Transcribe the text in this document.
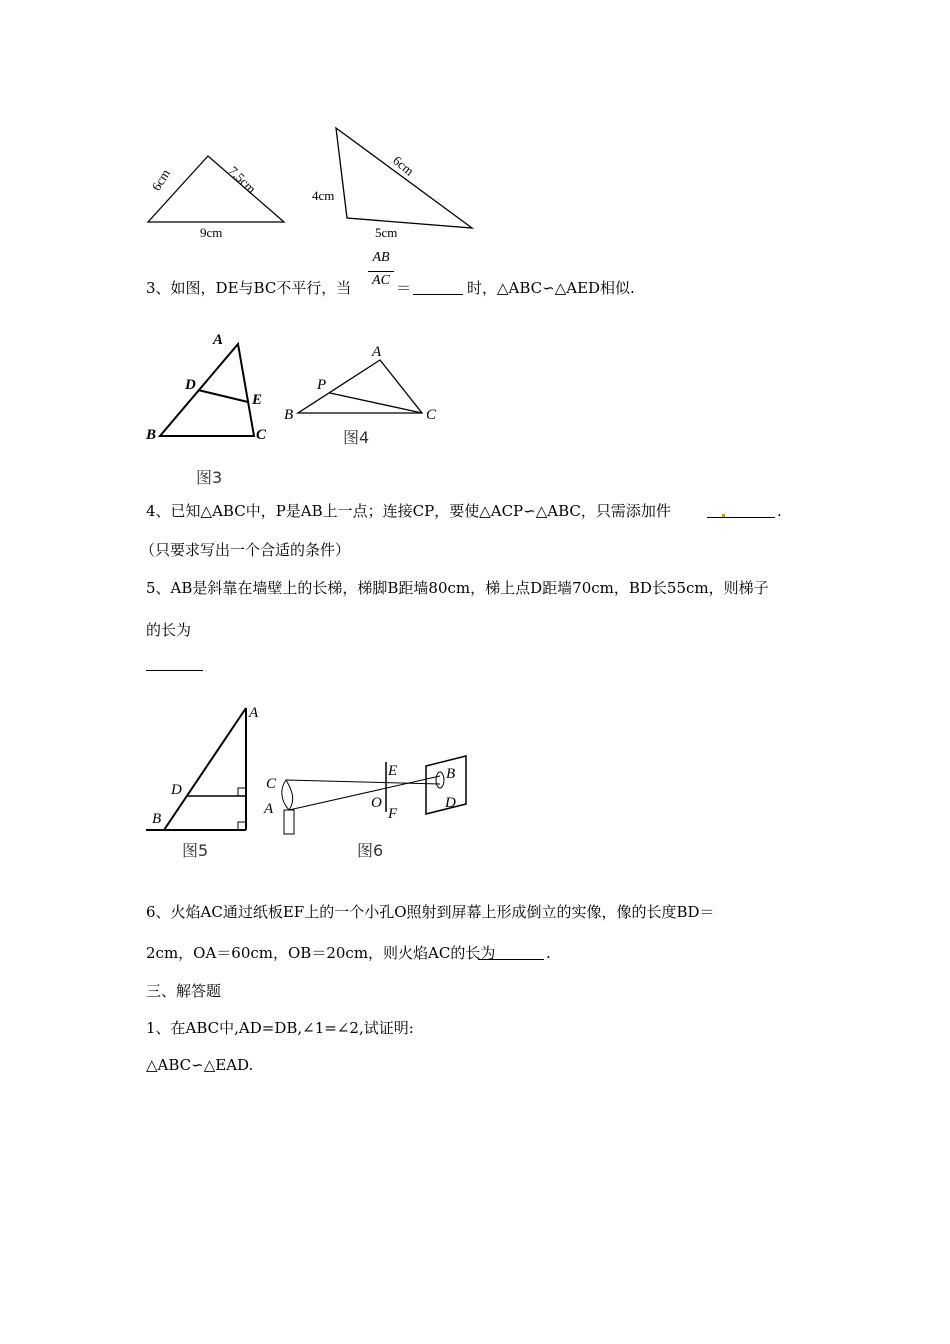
6cm	7.5cm
9cm
4cm
6cm
5cm
3、如图，DE与BC不平行，当
AB
AC ＝	时，△ABC∽△AED相似.
A
D
E
B	C
图3
A
P
B	C
图4
4、已知△ABC中，P是AB上一点；连接CP，要使△ACP∽△ABC，只需添加件	.
（只要求写出一个合适的条件）
5、AB是斜靠在墙壁上的长梯，梯脚B距墙80cm，梯上点D距墙70cm，BD长55cm，则梯子
的长为
A
D
B
图5
C
A
E
O
F
B
D
图6
6、火焰AC通过纸板EF上的一个小孔O照射到屏幕上形成倒立的实像，像的长度BD＝
2cm，OA＝60cm，OB＝20cm，则火焰AC的长为	.
三、解答题
1、在ABC中,AD=DB,∠1=∠2,试证明:
△ABC∽△EAD.
